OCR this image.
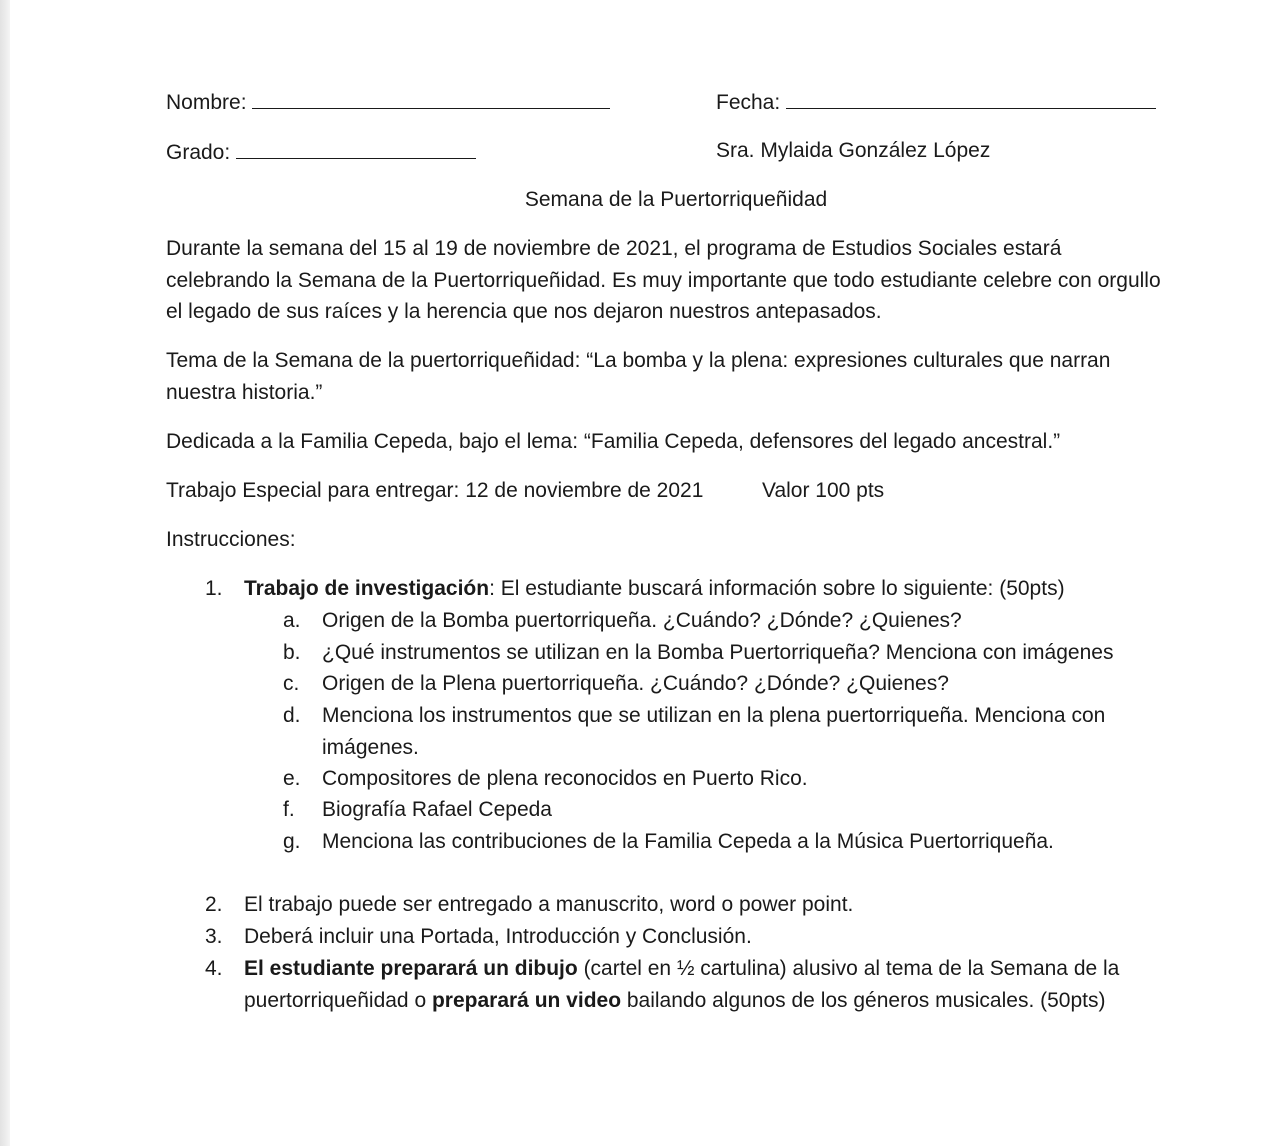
Nombre:	Fecha:
Grado:	Sra. Mylaida González López
Semana de la Puertorriqueñidad
Durante la semana del 15 al 19 de noviembre de 2021, el programa de Estudios Sociales estará celebrando la Semana de la Puertorriqueñidad. Es muy importante que todo estudiante celebre con orgullo el legado de sus raíces y la herencia que nos dejaron nuestros antepasados.
Tema de la Semana de la puertorriqueñidad: “La bomba y la plena: expresiones culturales que narran nuestra historia.”
Dedicada a la Familia Cepeda, bajo el lema: “Familia Cepeda, defensores del legado ancestral.”
Trabajo Especial para entregar: 12 de noviembre de 2021	Valor 100 pts
Instrucciones:
1. Trabajo de investigación: El estudiante buscará información sobre lo siguiente: (50pts)
a. Origen de la Bomba puertorriqueña. ¿Cuándo? ¿Dónde? ¿Quienes?
b. ¿Qué instrumentos se utilizan en la Bomba Puertorriqueña? Menciona con imágenes
c. Origen de la Plena puertorriqueña. ¿Cuándo? ¿Dónde? ¿Quienes?
d. Menciona los instrumentos que se utilizan en la plena puertorriqueña. Menciona con imágenes.
e. Compositores de plena reconocidos en Puerto Rico.
f. Biografía Rafael Cepeda
g. Menciona las contribuciones de la Familia Cepeda a la Música Puertorriqueña.
2. El trabajo puede ser entregado a manuscrito, word o power point.
3. Deberá incluir una Portada, Introducción y Conclusión.
4. El estudiante preparará un dibujo (cartel en ½ cartulina) alusivo al tema de la Semana de la puertorriqueñidad o preparará un video bailando algunos de los géneros musicales. (50pts)
